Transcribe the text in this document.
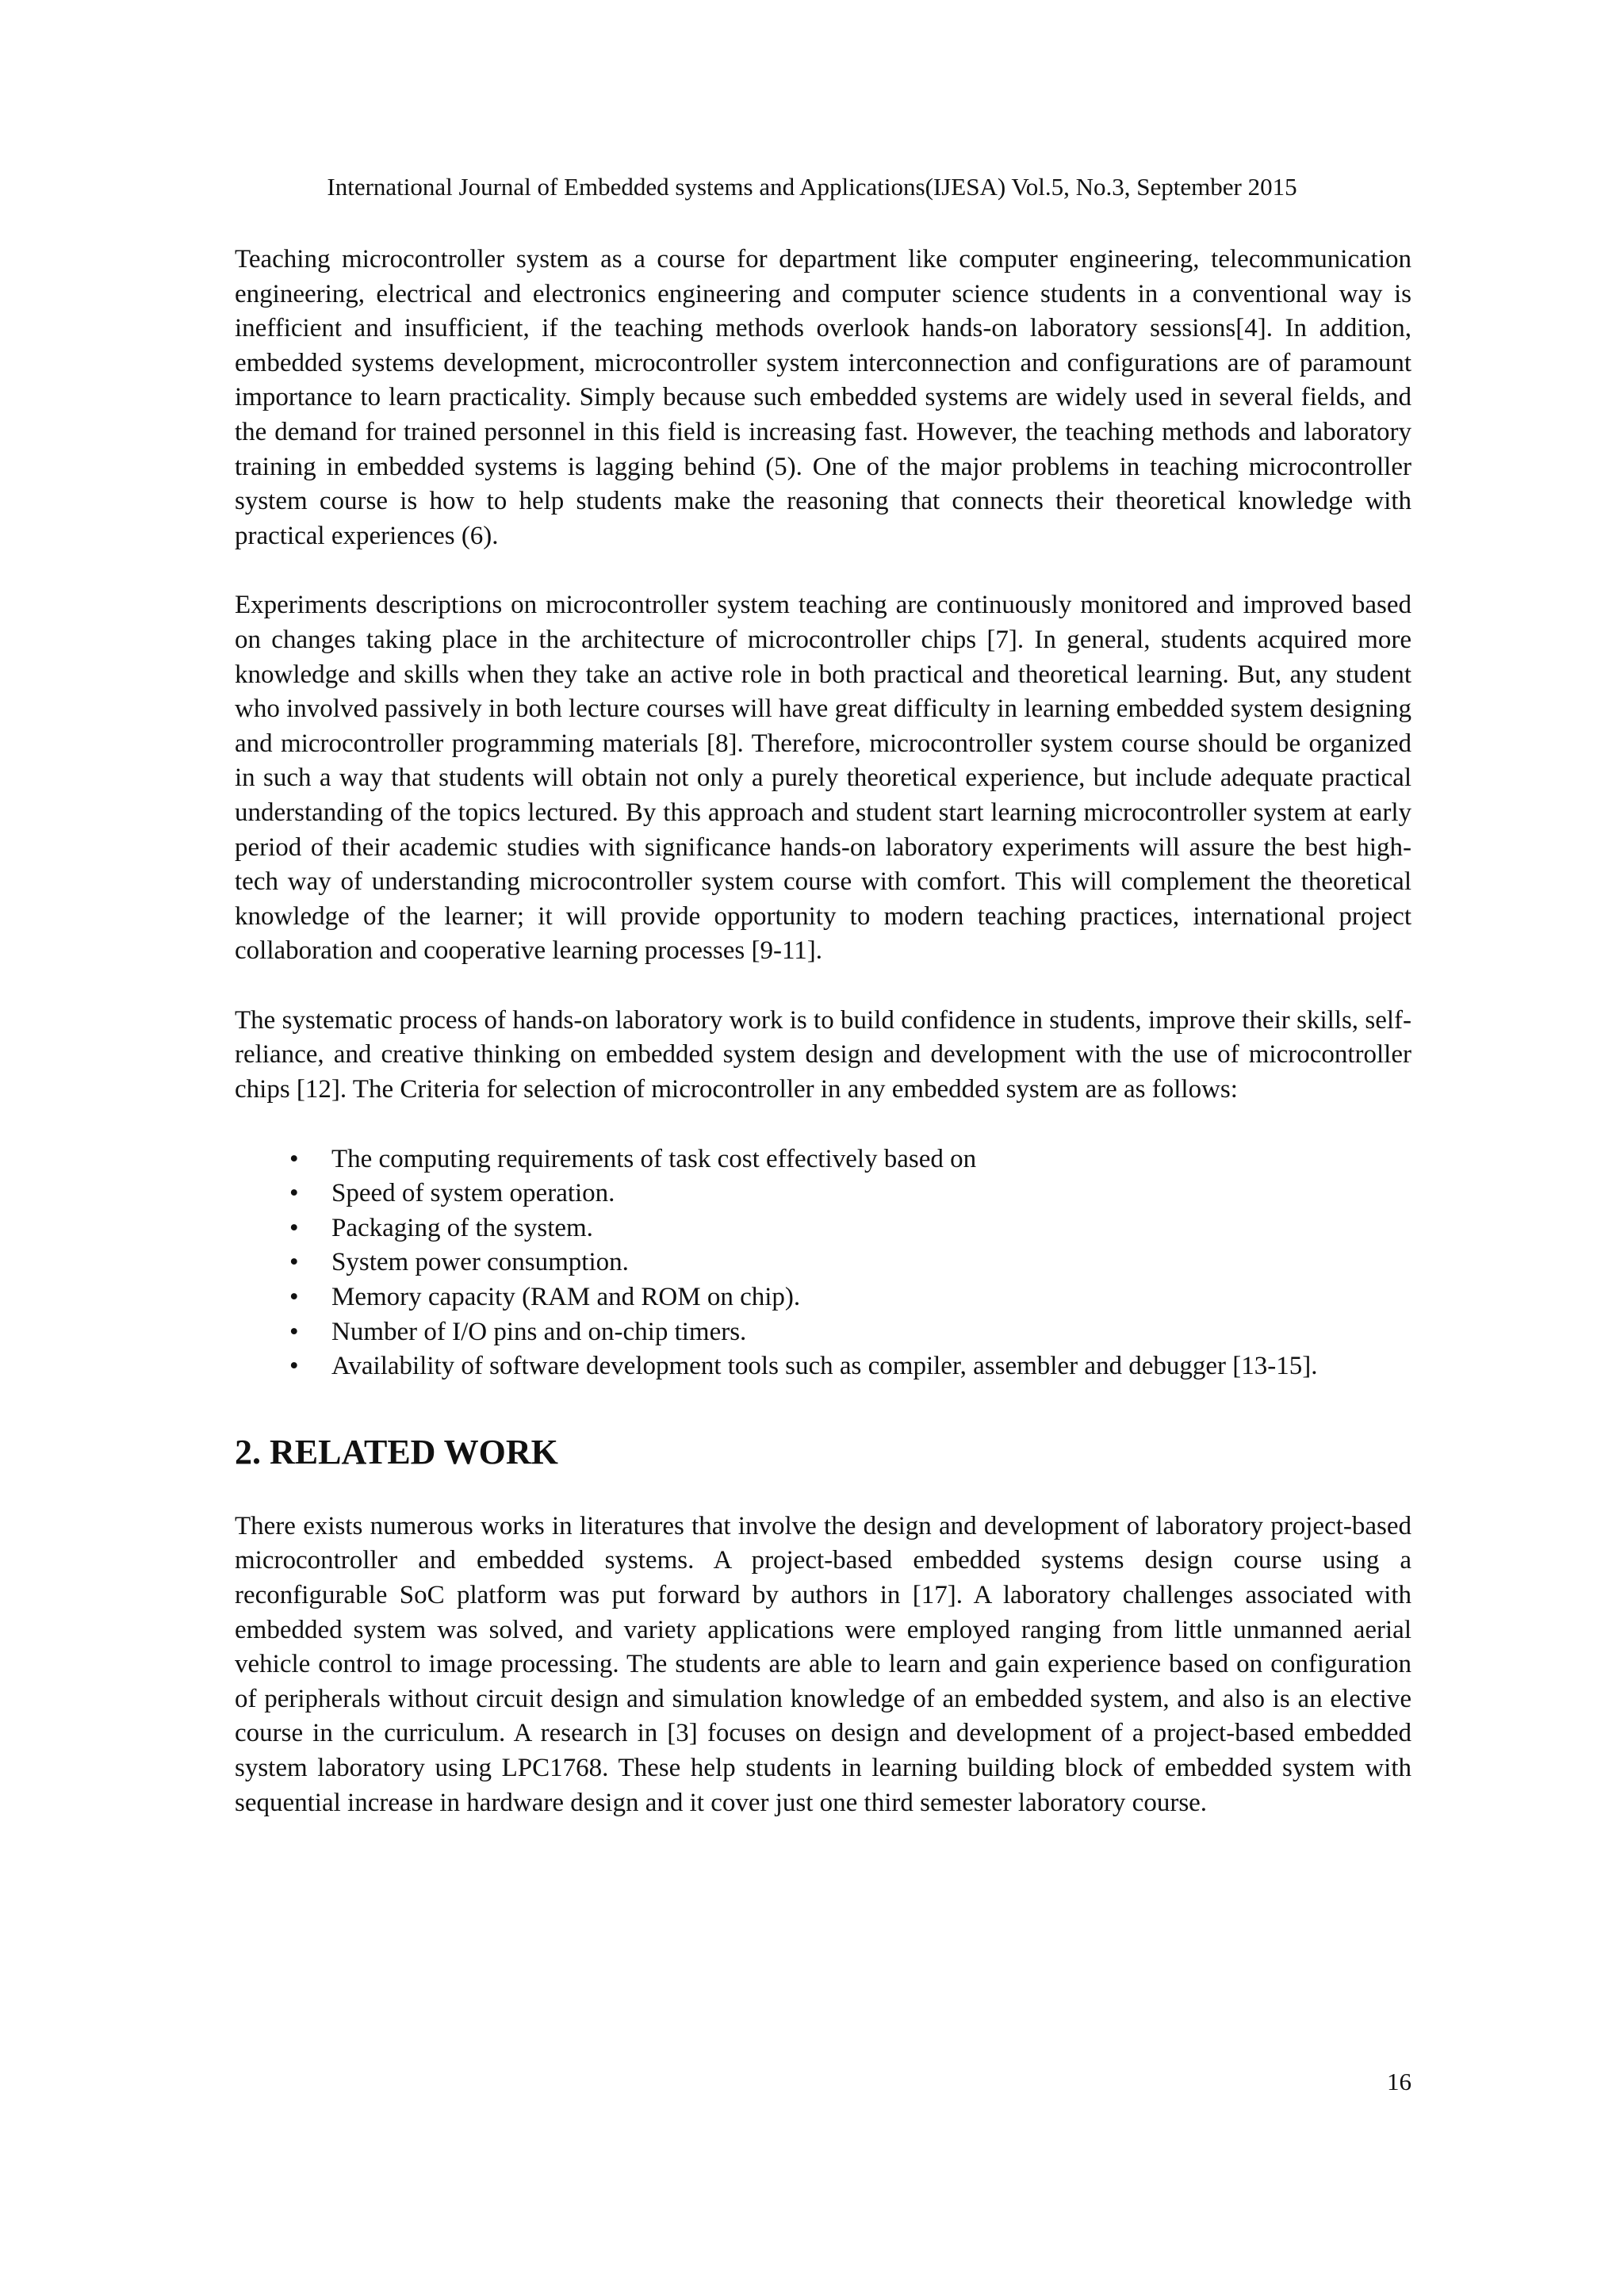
International Journal of Embedded systems and Applications(IJESA) Vol.5, No.3, September 2015

Teaching microcontroller system as a course for department like computer engineering, telecommunication engineering, electrical and electronics engineering and computer science students in a conventional way is inefficient and insufficient, if the teaching methods overlook hands-on laboratory sessions[4]. In addition, embedded systems development, microcontroller system interconnection and configurations are of paramount importance to learn practicality. Simply because such embedded systems are widely used in several fields, and the demand for trained personnel in this field is increasing fast. However, the teaching methods and laboratory training in embedded systems is lagging behind (5). One of the major problems in teaching microcontroller system course is how to help students make the reasoning that connects their theoretical knowledge with practical experiences (6).

Experiments descriptions on microcontroller system teaching are continuously monitored and improved based on changes taking place in the architecture of microcontroller chips [7]. In general, students acquired more knowledge and skills when they take an active role in both practical and theoretical learning. But, any student who involved passively in both lecture courses will have great difficulty in learning embedded system designing and microcontroller programming materials [8]. Therefore, microcontroller system course should be organized in such a way that students will obtain not only a purely theoretical experience, but include adequate practical understanding of the topics lectured. By this approach and student start learning microcontroller system at early period of their academic studies with significance hands-on laboratory experiments will assure the best high-tech way of understanding microcontroller system course with comfort. This will complement the theoretical knowledge of the learner; it will provide opportunity to modern teaching practices, international project collaboration and cooperative learning processes [9-11].

The systematic process of hands-on laboratory work is to build confidence in students, improve their skills, self-reliance, and creative thinking on embedded system design and development with the use of microcontroller chips [12]. The Criteria for selection of microcontroller in any embedded system are as follows:

• The computing requirements of task cost effectively based on
• Speed of system operation.
• Packaging of the system.
• System power consumption.
• Memory capacity (RAM and ROM on chip).
• Number of I/O pins and on-chip timers.
• Availability of software development tools such as compiler, assembler and debugger [13-15].
2. RELATED WORK

There exists numerous works in literatures that involve the design and development of laboratory project-based microcontroller and embedded systems. A project-based embedded systems design course using a reconfigurable SoC platform was put forward by authors in [17]. A laboratory challenges associated with embedded system was solved, and variety applications were employed ranging from little unmanned aerial vehicle control to image processing. The students are able to learn and gain experience based on configuration of peripherals without circuit design and simulation knowledge of an embedded system, and also is an elective course in the curriculum. A research in [3] focuses on design and development of a project-based embedded system laboratory using LPC1768. These help students in learning building block of embedded system with sequential increase in hardware design and it cover just one third semester laboratory course.

16
